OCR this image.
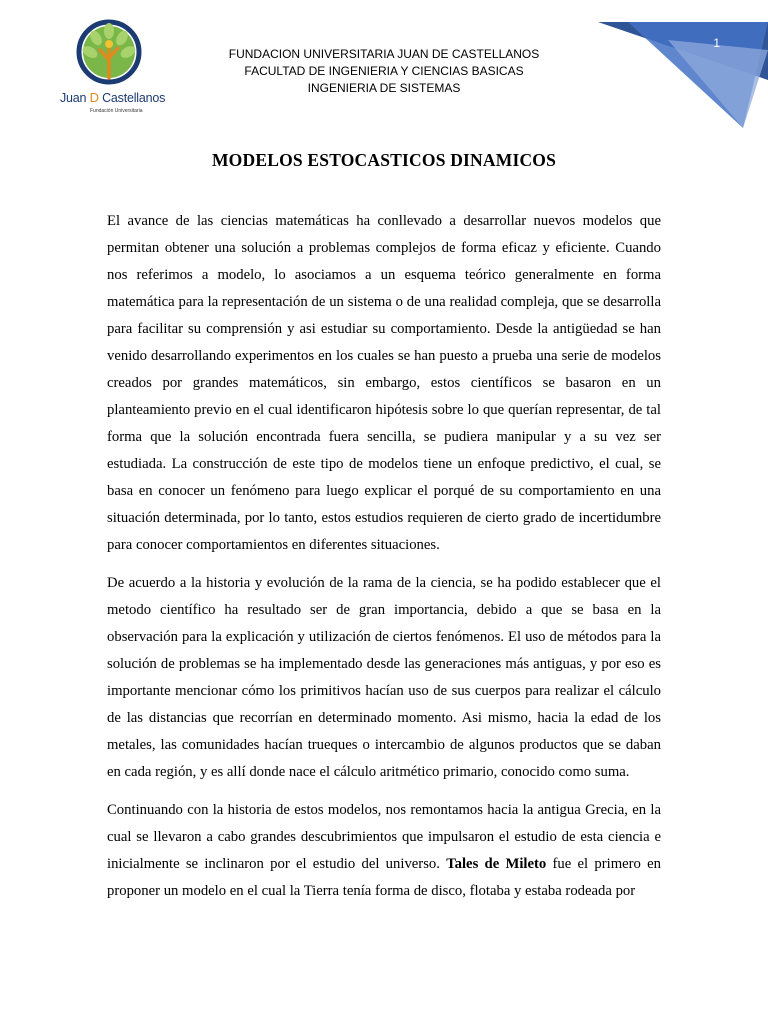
Juan D Castellanos
Fundación Universitaria
FUNDACION UNIVERSITARIA JUAN DE CASTELLANOS
FACULTAD DE INGENIERIA Y CIENCIAS BASICAS
INGENIERIA DE SISTEMAS
1
MODELOS ESTOCASTICOS DINAMICOS

El avance de las ciencias matemáticas ha conllevado a desarrollar nuevos modelos que permitan obtener una solución a problemas complejos de forma eficaz y eficiente. Cuando nos referimos a modelo, lo asociamos a un esquema teórico generalmente en forma matemática para la representación de un sistema o de una realidad compleja, que se desarrolla para facilitar su comprensión y asi estudiar su comportamiento. Desde la antigüedad se han venido desarrollando experimentos en los cuales se han puesto a prueba una serie de modelos creados por grandes matemáticos, sin embargo, estos científicos se basaron en un planteamiento previo en el cual identificaron hipótesis sobre lo que querían representar, de tal forma que la solución encontrada fuera sencilla, se pudiera manipular y a su vez ser estudiada. La construcción de este tipo de modelos tiene un enfoque predictivo, el cual, se basa en conocer un fenómeno para luego explicar el porqué de su comportamiento en una situación determinada, por lo tanto, estos estudios requieren de cierto grado de incertidumbre para conocer comportamientos en diferentes situaciones.

De acuerdo a la historia y evolución de la rama de la ciencia, se ha podido establecer que el metodo científico ha resultado ser de gran importancia, debido a que se basa en la observación para la explicación y utilización de ciertos fenómenos. El uso de métodos para la solución de problemas se ha implementado desde las generaciones más antiguas, y por eso es importante mencionar cómo los primitivos hacían uso de sus cuerpos para realizar el cálculo de las distancias que recorrían en determinado momento. Asi mismo, hacia la edad de los metales, las comunidades hacían trueques o intercambio de algunos productos que se daban en cada región, y es allí donde nace el cálculo aritmético primario, conocido como suma.

Continuando con la historia de estos modelos, nos remontamos hacia la antigua Grecia, en la cual se llevaron a cabo grandes descubrimientos que impulsaron el estudio de esta ciencia e inicialmente se inclinaron por el estudio del universo. Tales de Mileto fue el primero en proponer un modelo en el cual la Tierra tenía forma de disco, flotaba y estaba rodeada por
